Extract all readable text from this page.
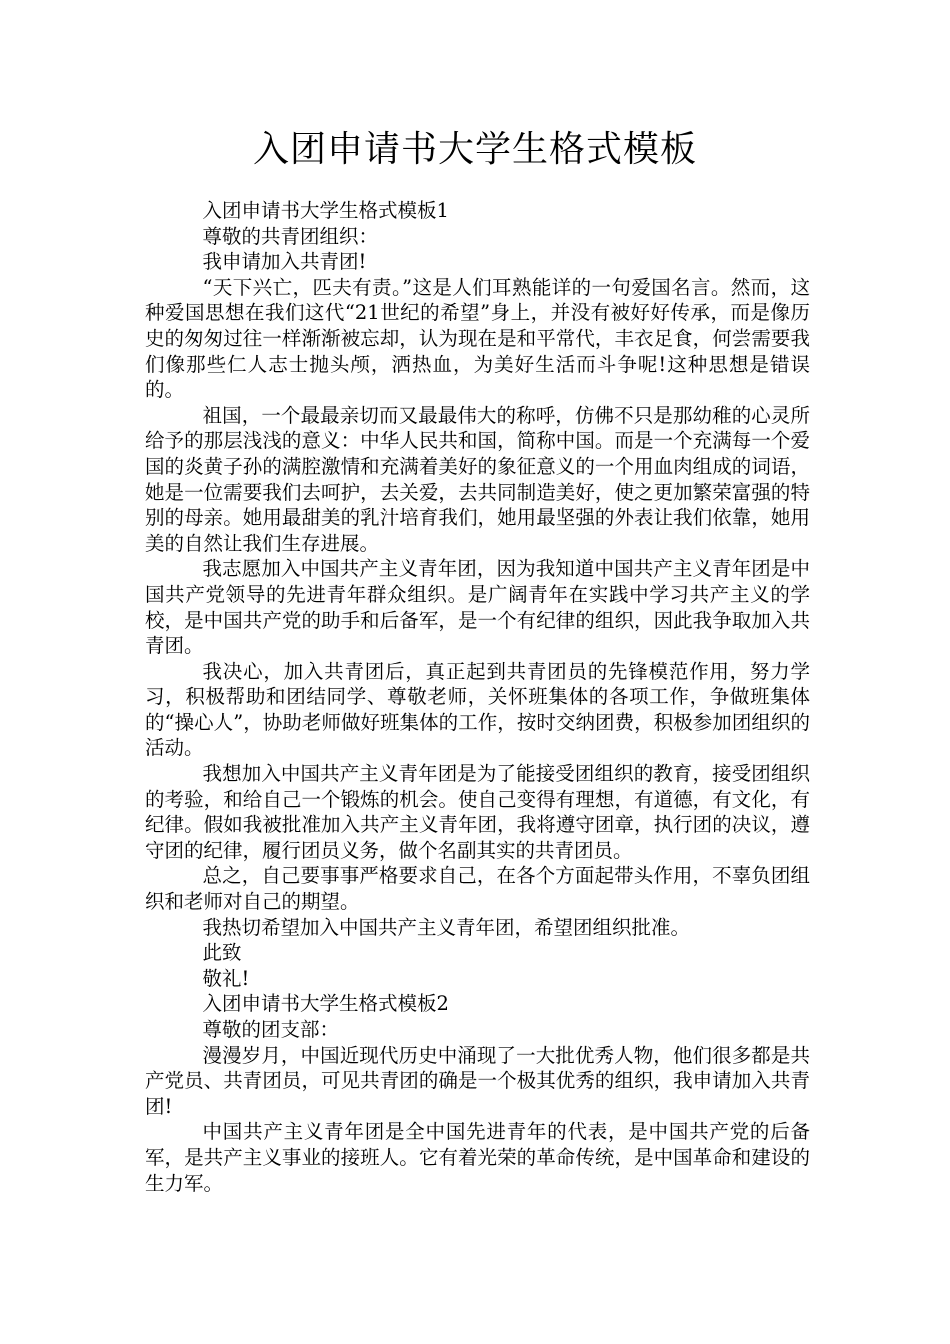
入团申请书大学生格式模板

入团申请书大学生格式模板1

尊敬的共青团组织：

我申请加入共青团!

“天下兴亡，匹夫有责。”这是人们耳熟能详的一句爱国名言。然而，这种爱国思想在我们这代“21世纪的希望”身上，并没有被好好传承，而是像历史的匆匆过往一样渐渐被忘却，认为现在是和平常代，丰衣足食，何尝需要我们像那些仁人志士抛头颅，洒热血，为美好生活而斗争呢!这种思想是错误的。

祖国，一个最最亲切而又最最伟大的称呼，仿佛不只是那幼稚的心灵所给予的那层浅浅的意义：中华人民共和国，简称中国。而是一个充满每一个爱国的炎黄子孙的满腔激情和充满着美好的象征意义的一个用血肉组成的词语，她是一位需要我们去呵护，去关爱，去共同制造美好，使之更加繁荣富强的特别的母亲。她用最甜美的乳汁培育我们，她用最坚强的外表让我们依靠，她用美的自然让我们生存进展。

我志愿加入中国共产主义青年团，因为我知道中国共产主义青年团是中国共产党领导的先进青年群众组织。是广阔青年在实践中学习共产主义的学校，是中国共产党的助手和后备军，是一个有纪律的组织，因此我争取加入共青团。

我决心，加入共青团后，真正起到共青团员的先锋模范作用，努力学习，积极帮助和团结同学、尊敬老师，关怀班集体的各项工作，争做班集体的“操心人”，协助老师做好班集体的工作，按时交纳团费，积极参加团组织的活动。

我想加入中国共产主义青年团是为了能接受团组织的教育，接受团组织的考验，和给自己一个锻炼的机会。使自己变得有理想，有道德，有文化，有纪律。假如我被批准加入共产主义青年团，我将遵守团章，执行团的决议，遵守团的纪律，履行团员义务，做个名副其实的共青团员。

总之，自己要事事严格要求自己，在各个方面起带头作用，不辜负团组织和老师对自己的期望。

我热切希望加入中国共产主义青年团，希望团组织批准。

此致

敬礼!

入团申请书大学生格式模板2

尊敬的团支部：

漫漫岁月，中国近现代历史中涌现了一大批优秀人物，他们很多都是共产党员、共青团员，可见共青团的确是一个极其优秀的组织，我申请加入共青团!

中国共产主义青年团是全中国先进青年的代表，是中国共产党的后备军，是共产主义事业的接班人。它有着光荣的革命传统，是中国革命和建设的生力军。
